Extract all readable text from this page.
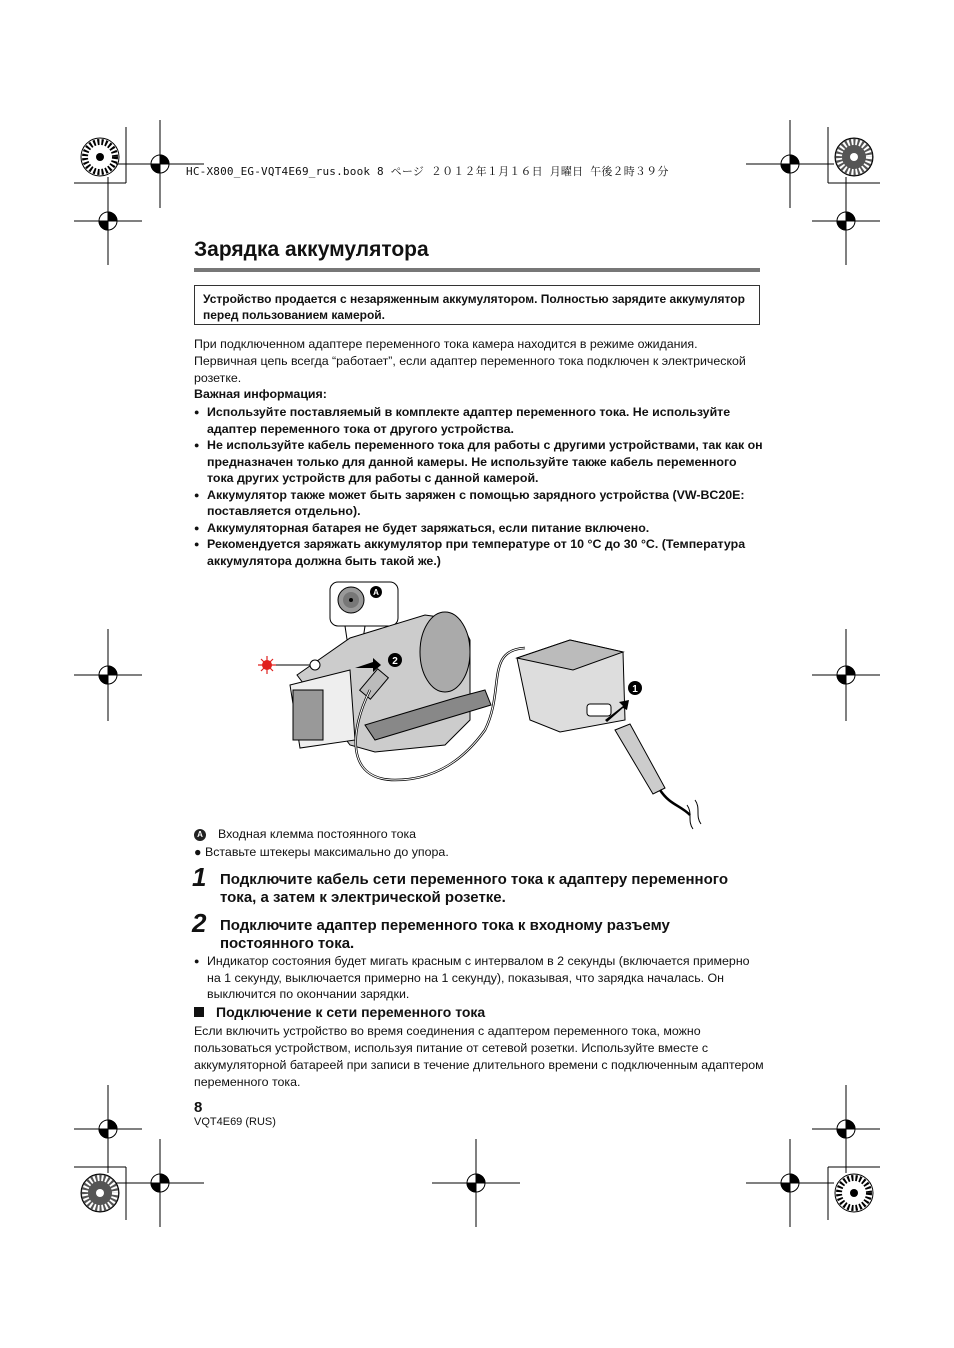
HC-X800_EG-VQT4E69_rus.book 8 ページ ２０１２年１月１６日 月曜日 午後２時３９分
Зарядка аккумулятора
Устройство продается с незаряженным аккумулятором. Полностью зарядите аккумулятор перед пользованием камерой.
При подключенном адаптере переменного тока камера находится в режиме ожидания. Первичная цепь всегда “работает”, если адаптер переменного тока подключен к электрической розетке.
Важная информация:
● Используйте поставляемый в комплекте адаптер переменного тока. Не используйте адаптер переменного тока от другого устройства.
● Не используйте кабель переменного тока для работы с другими устройствами, так как он предназначен только для данной камеры. Не используйте также кабель переменного тока других устройств для работы с данной камерой.
● Аккумулятор также может быть заряжен с помощью зарядного устройства (VW-BC20E: поставляется отдельно).
● Аккумуляторная батарея не будет заряжаться, если питание включено.
● Рекомендуется заряжать аккумулятор при температуре от 10 °C до 30 °C. (Температура аккумулятора должна быть такой же.)
A
2
1
A Входная клемма постоянного тока
● Вставьте штекеры максимально до упора.
1 Подключите кабель сети переменного тока к адаптеру переменного тока, а затем к электрической розетке.
2 Подключите адаптер переменного тока к входному разъему постоянного тока.
● Индикатор состояния будет мигать красным с интервалом в 2 секунды (включается примерно на 1 секунду, выключается примерно на 1 секунду), показывая, что зарядка началась. Он выключится по окончании зарядки.
Подключение к сети переменного тока
Если включить устройство во время соединения с адаптером переменного тока, можно пользоваться устройством, используя питание от сетевой розетки. Используйте вместе с аккумуляторной батареей при записи в течение длительного времени с подключенным адаптером переменного тока.
8
VQT4E69 (RUS)
